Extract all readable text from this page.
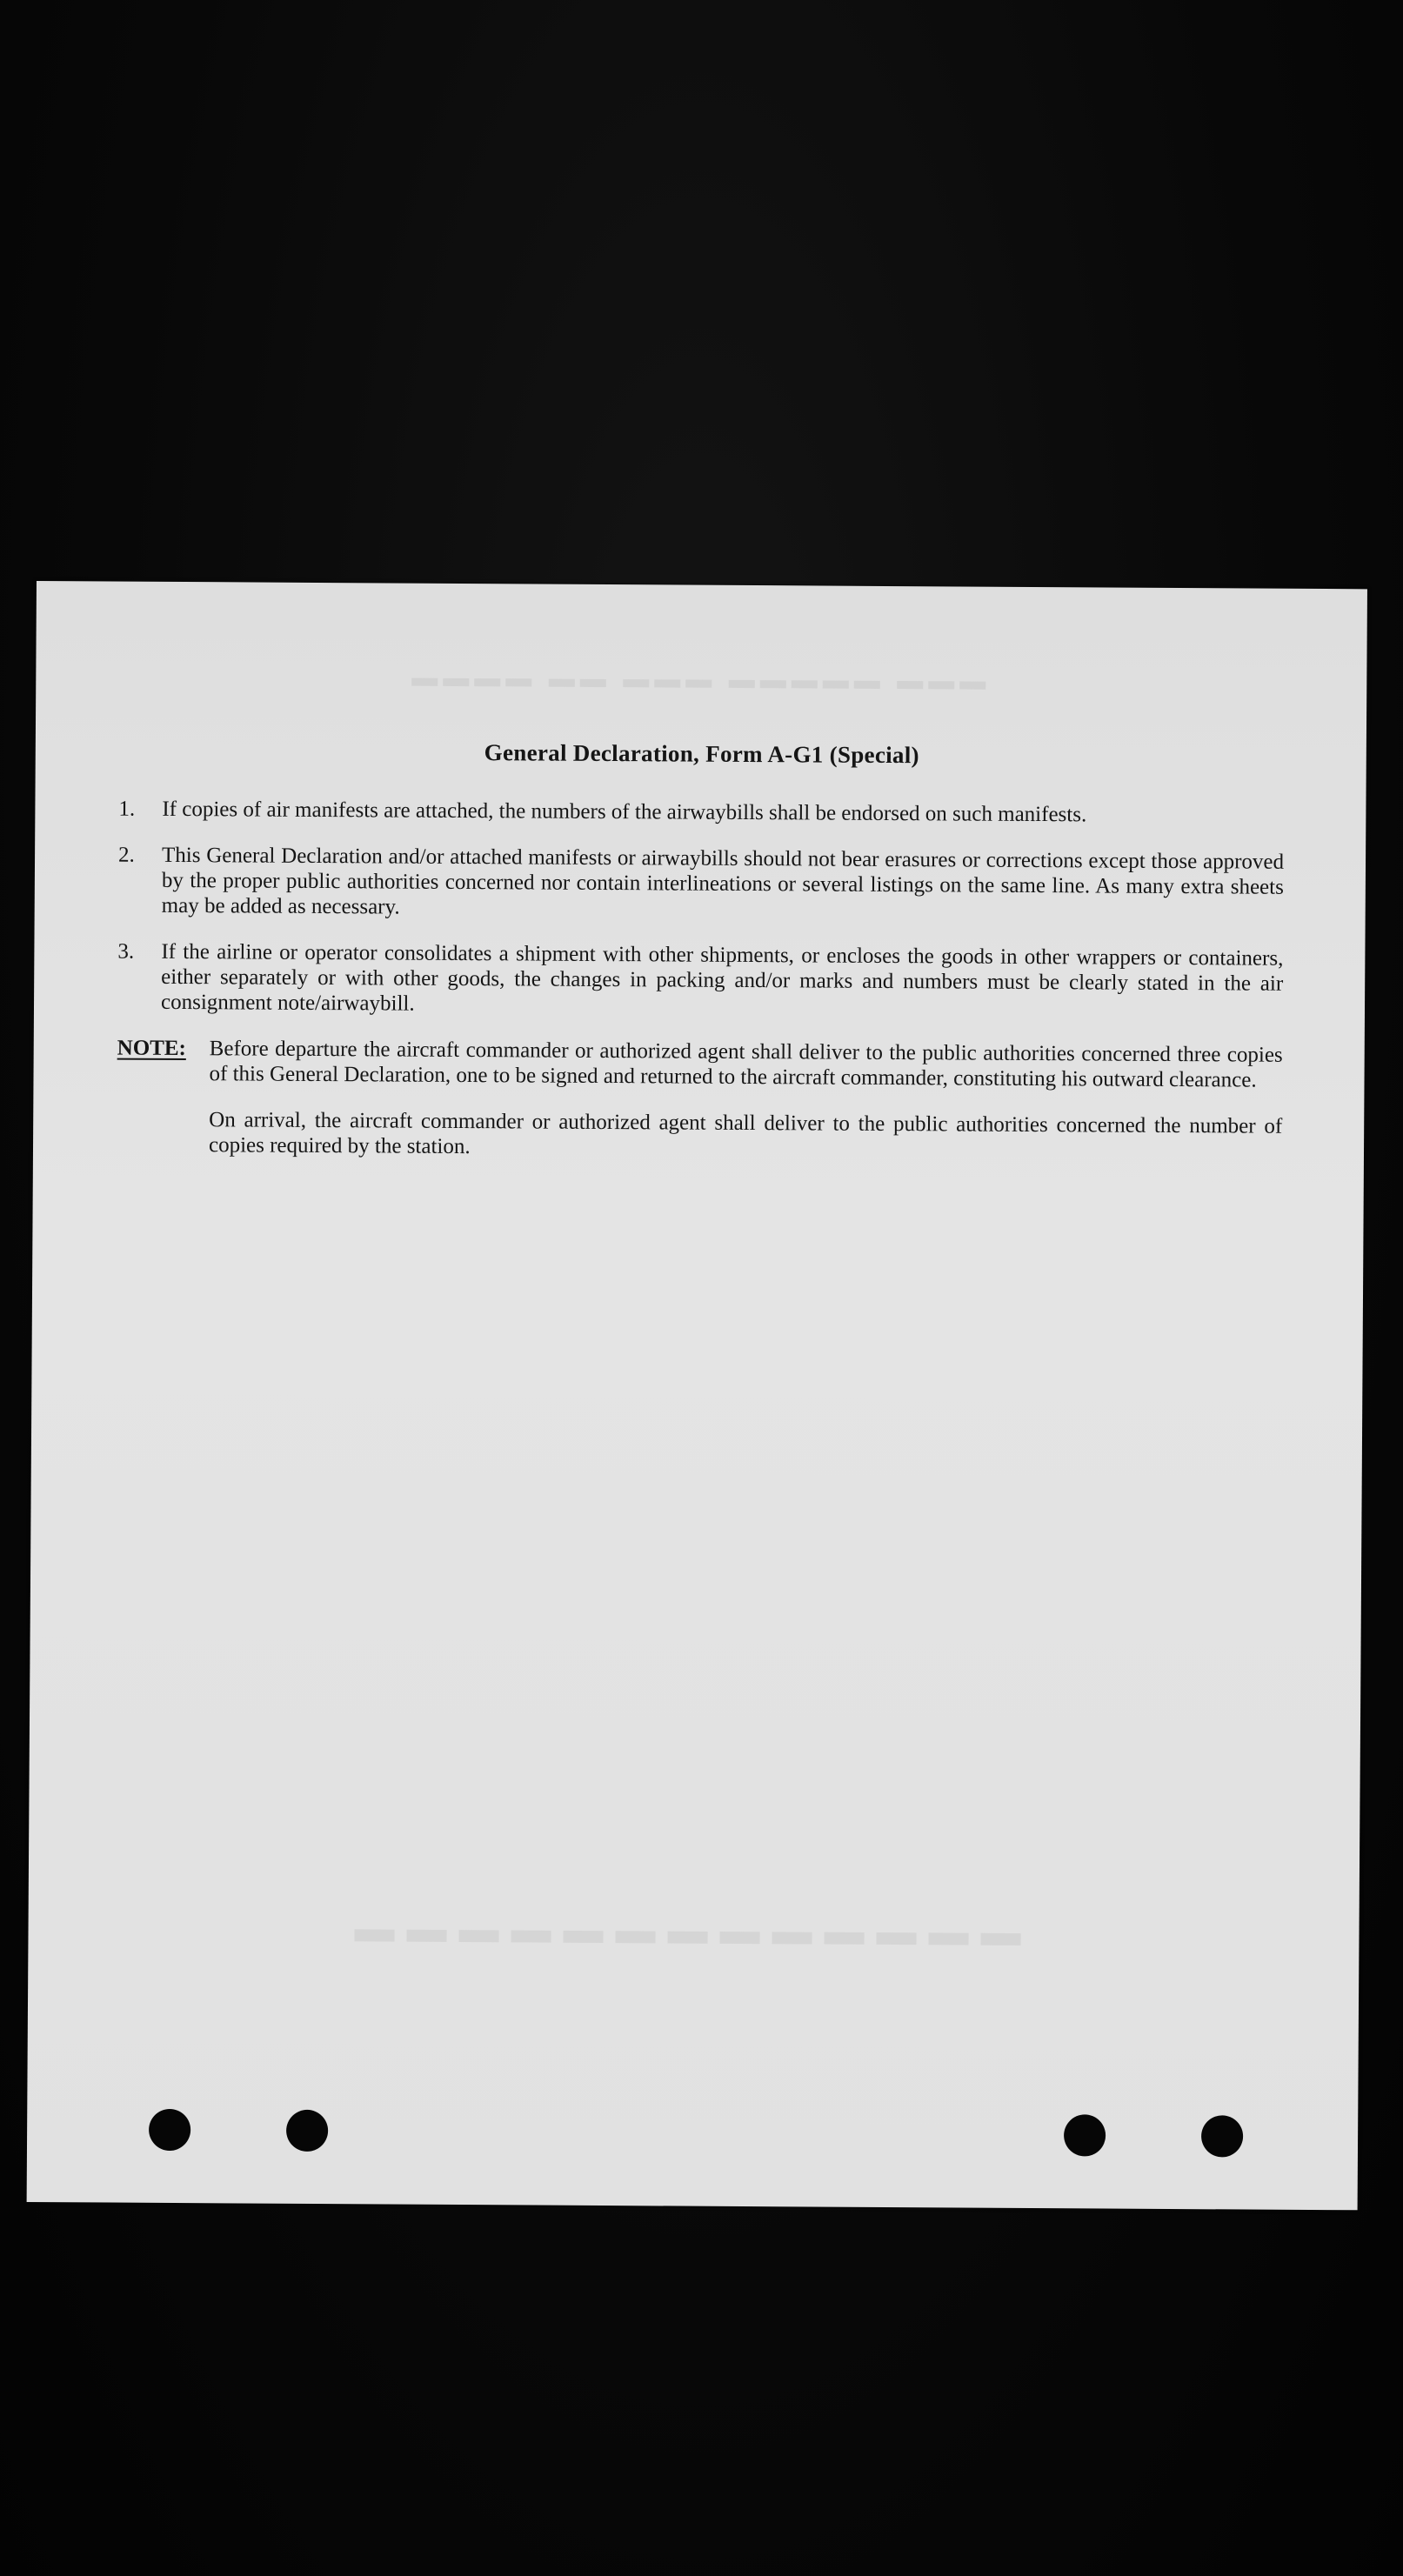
▬▬▬▬ ▬▬ ▬▬▬ ▬▬▬▬▬ ▬▬▬
▬▬▬▬▬▬▬▬▬▬▬▬▬
General Declaration, Form A-G1 (Special)
1.	If copies of air manifests are attached, the numbers of the airwaybills shall be endorsed on such manifests.
2.	This General Declaration and/or attached manifests or airwaybills should not bear erasures or corrections except those approved by the proper public authorities concerned nor contain interlineations or several listings on the same line. As many extra sheets may be added as necessary.
3.	If the airline or operator consolidates a shipment with other shipments, or encloses the goods in other wrappers or containers, either separately or with other goods, the changes in packing and/or marks and numbers must be clearly stated in the air consignment note/airwaybill.
NOTE:	Before departure the aircraft commander or authorized agent shall deliver to the public authorities concerned three copies of this General Declaration, one to be signed and returned to the aircraft commander, constituting his outward clearance.

On arrival, the aircraft commander or authorized agent shall deliver to the public authorities concerned the number of copies required by the station.
